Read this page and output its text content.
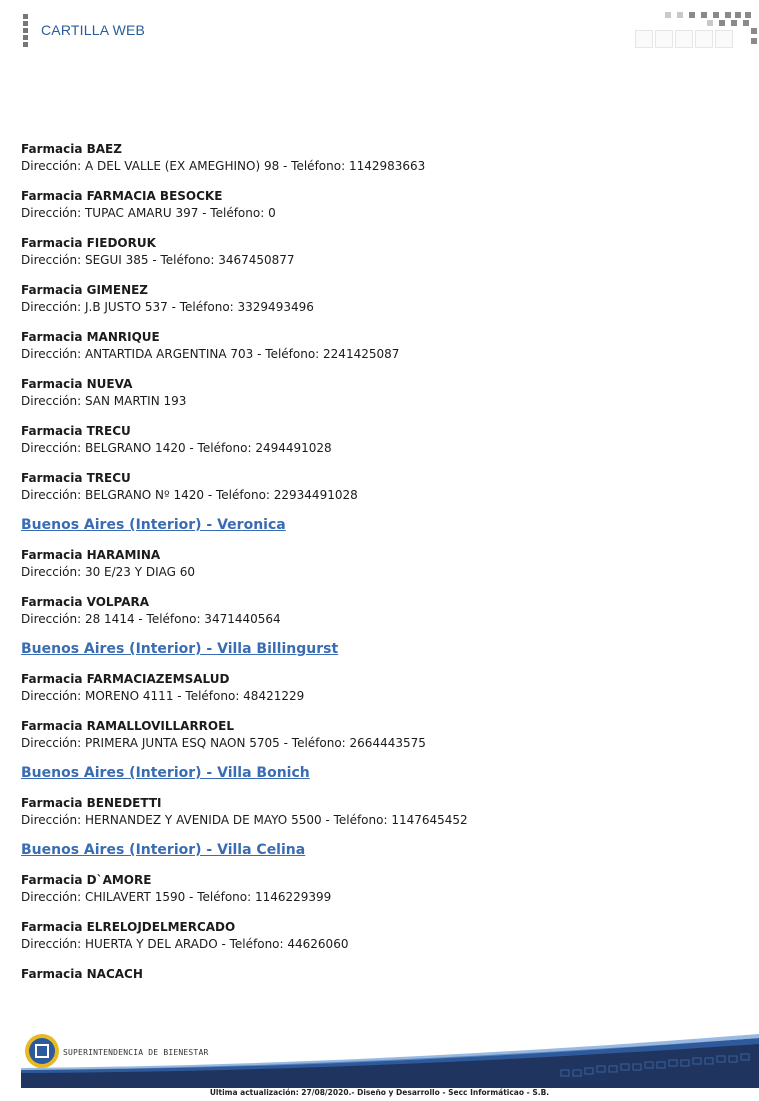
CARTILLA WEB
Farmacia BAEZ
Dirección: A DEL VALLE (EX AMEGHINO) 98 - Teléfono: 1142983663
Farmacia FARMACIA BESOCKE
Dirección: TUPAC AMARU 397 - Teléfono: 0
Farmacia FIEDORUK
Dirección: SEGUI 385 - Teléfono: 3467450877
Farmacia GIMENEZ
Dirección: J.B JUSTO 537 - Teléfono: 3329493496
Farmacia MANRIQUE
Dirección: ANTARTIDA ARGENTINA 703 - Teléfono: 2241425087
Farmacia NUEVA
Dirección: SAN MARTIN 193
Farmacia TRECU
Dirección: BELGRANO 1420 - Teléfono: 2494491028
Farmacia TRECU
Dirección: BELGRANO Nº 1420 - Teléfono: 22934491028
Buenos Aires (Interior) - Veronica
Farmacia HARAMINA
Dirección: 30 E/23 Y DIAG 60
Farmacia VOLPARA
Dirección: 28 1414 - Teléfono: 3471440564
Buenos Aires (Interior) - Villa Billingurst
Farmacia FARMACIAZEMSALUD
Dirección: MORENO 4111 - Teléfono: 48421229
Farmacia RAMALLOVILLARROEL
Dirección: PRIMERA JUNTA ESQ NAON 5705 - Teléfono: 2664443575
Buenos Aires (Interior) - Villa Bonich
Farmacia BENEDETTI
Dirección: HERNANDEZ Y AVENIDA DE MAYO 5500 - Teléfono: 1147645452
Buenos Aires (Interior) - Villa Celina
Farmacia D`AMORE
Dirección: CHILAVERT 1590 - Teléfono: 1146229399
Farmacia ELRELOJDELMERCADO
Dirección: HUERTA Y DEL ARADO - Teléfono: 44626060
Farmacia NACACH
SUPERINTENDENCIA DE BIENESTAR
Ultima actualización: 27/08/2020.- Diseño y Desarrollo - Secc Informáticao - S.B.
